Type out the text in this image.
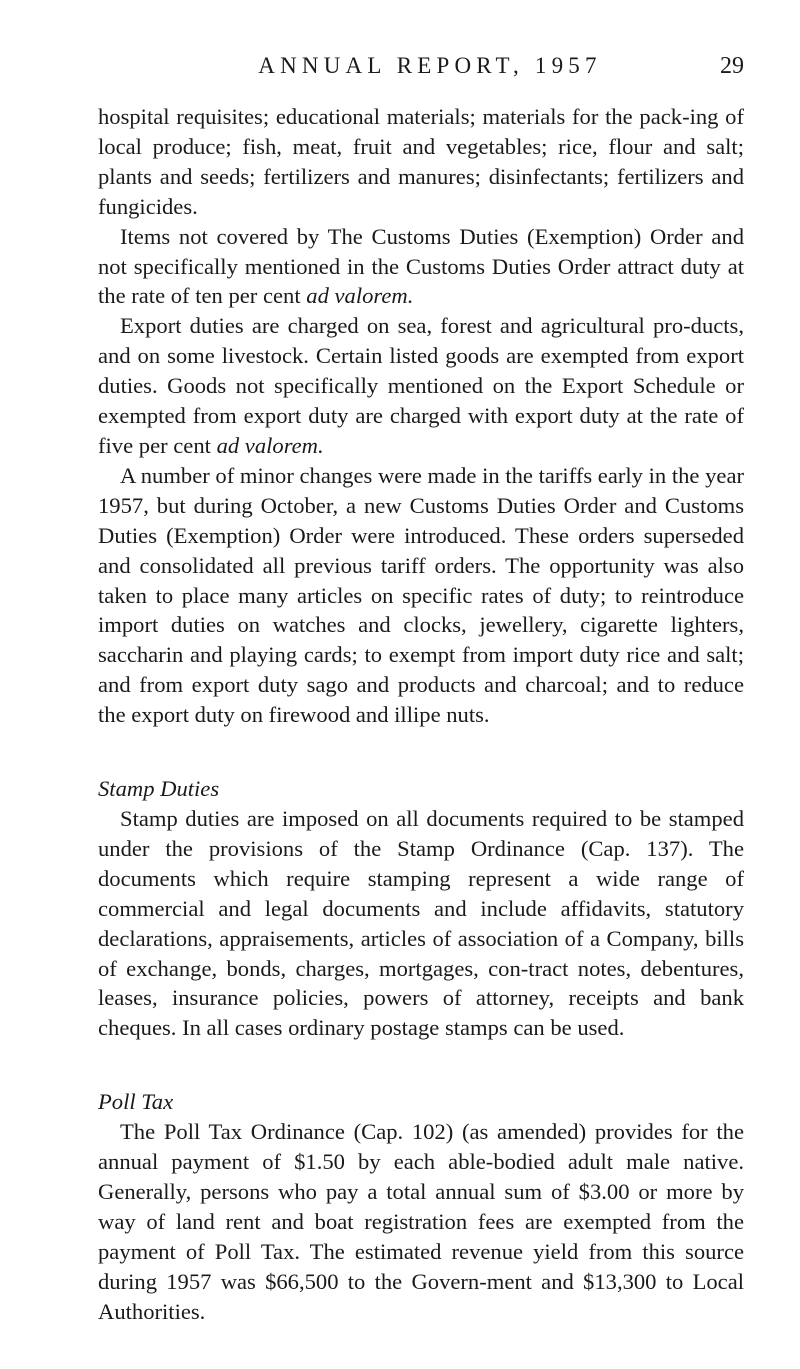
ANNUAL REPORT, 1957	29

hospital requisites; educational materials; materials for the pack-ing of local produce; fish, meat, fruit and vegetables; rice, flour and salt; plants and seeds; fertilizers and manures; disinfectants; fertilizers and fungicides.

Items not covered by The Customs Duties (Exemption) Order and not specifically mentioned in the Customs Duties Order attract duty at the rate of ten per cent ad valorem.

Export duties are charged on sea, forest and agricultural pro-ducts, and on some livestock. Certain listed goods are exempted from export duties. Goods not specifically mentioned on the Export Schedule or exempted from export duty are charged with export duty at the rate of five per cent ad valorem.

A number of minor changes were made in the tariffs early in the year 1957, but during October, a new Customs Duties Order and Customs Duties (Exemption) Order were introduced. These orders superseded and consolidated all previous tariff orders. The opportunity was also taken to place many articles on specific rates of duty; to reintroduce import duties on watches and clocks, jewellery, cigarette lighters, saccharin and playing cards; to exempt from import duty rice and salt; and from export duty sago and products and charcoal; and to reduce the export duty on firewood and illipe nuts.

Stamp Duties

Stamp duties are imposed on all documents required to be stamped under the provisions of the Stamp Ordinance (Cap. 137). The documents which require stamping represent a wide range of commercial and legal documents and include affidavits, statutory declarations, appraisements, articles of association of a Company, bills of exchange, bonds, charges, mortgages, con-tract notes, debentures, leases, insurance policies, powers of attorney, receipts and bank cheques. In all cases ordinary postage stamps can be used.

Poll Tax

The Poll Tax Ordinance (Cap. 102) (as amended) provides for the annual payment of $1.50 by each able-bodied adult male native. Generally, persons who pay a total annual sum of $3.00 or more by way of land rent and boat registration fees are exempted from the payment of Poll Tax. The estimated revenue yield from this source during 1957 was $66,500 to the Govern-ment and $13,300 to Local Authorities.
